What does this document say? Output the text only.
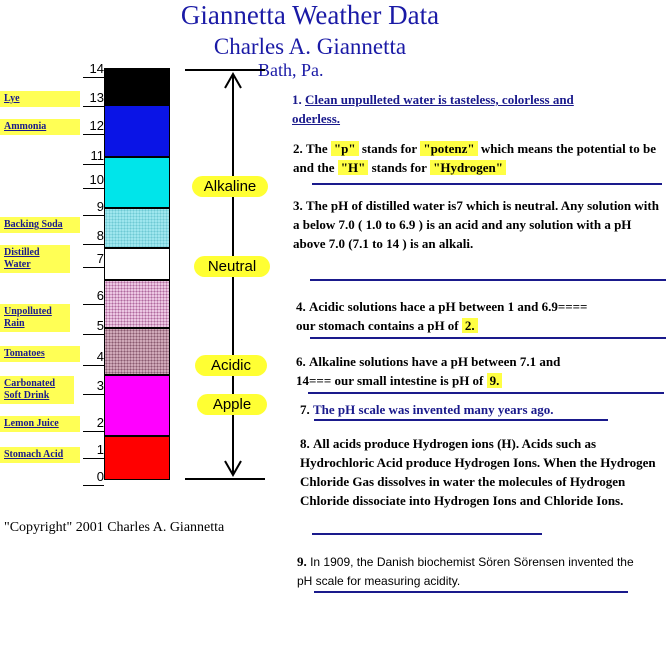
Giannetta Weather Data
Charles A. Giannetta
Bath, Pa.
14
13
12
11
10
9
8
7
6
5
4
3
2
1
0
Lye
Ammonia
Backing Soda
Distilled Water
Unpolluted Rain
Tomatoes
Carbonated Soft Drink
Lemon Juice
Stomach Acid
Alkaline
Neutral
Acidic
Apple
1. Clean unpulleted water is tasteless, colorless and oderless.
2. The "p" stands for "potenz" which means the potential to be and the "H" stands for "Hydrogen"
3. The pH of distilled water is7 which is neutral. Any solution with a below 7.0 ( 1.0 to 6.9 ) is an acid and any solution with a pH above 7.0 (7.1 to 14 ) is an alkali.
4. Acidic solutions hace a pH between 1 and 6.9==== our stomach contains a pH of 2.
6. Alkaline solutions have a pH between 7.1 and 14=== our small intestine is pH of 9.
7. The pH scale was invented many years ago.
8. All acids produce Hydrogen ions (H). Acids such as Hydrochloric Acid produce Hydrogen Ions. When the Hydrogen Chloride Gas dissolves in water the molecules of Hydrogen Chloride dissociate into Hydrogen Ions and Chloride Ions.
9. In 1909, the Danish biochemist Sören Sörensen invented the pH scale for measuring acidity.
"Copyright" 2001 Charles A. Giannetta
